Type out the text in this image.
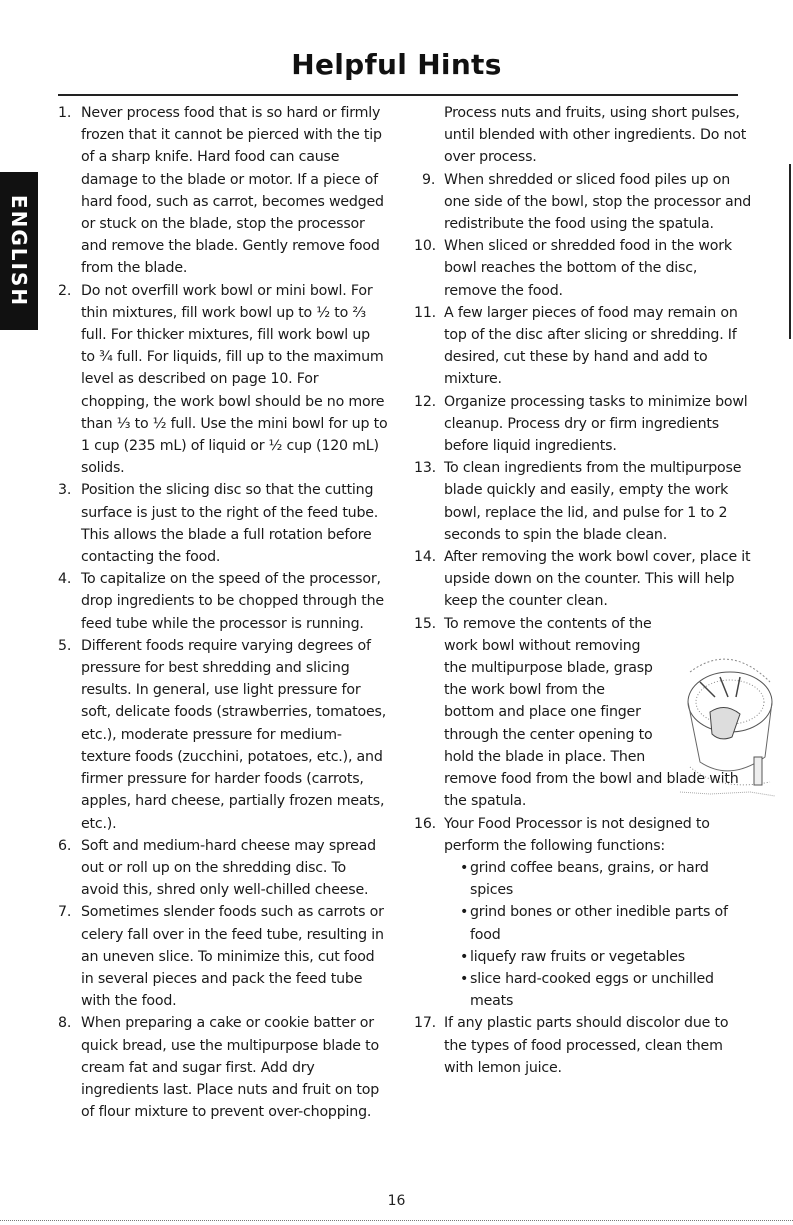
Helpful Hints
ENGLISH
1. Never process food that is so hard or firmly frozen that it cannot be pierced with the tip of a sharp knife. Hard food can cause damage to the blade or motor. If a piece of hard food, such as carrot, becomes wedged or stuck on the blade, stop the processor and remove the blade. Gently remove food from the blade.

2. Do not overfill work bowl or mini bowl. For thin mixtures, fill work bowl up to ½ to ⅔ full. For thicker mixtures, fill work bowl up to ¾ full. For liquids, fill up to the maximum level as described on page 10. For chopping, the work bowl should be no more than ⅓ to ½ full. Use the mini bowl for up to 1 cup (235 mL) of liquid or ½ cup (120 mL) solids.

3. Position the slicing disc so that the cutting surface is just to the right of the feed tube. This allows the blade a full rotation before contacting the food.

4. To capitalize on the speed of the processor, drop ingredients to be chopped through the feed tube while the processor is running.

5. Different foods require varying degrees of pressure for best shredding and slicing results. In general, use light pressure for soft, delicate foods (strawberries, tomatoes, etc.), moderate pressure for medium-texture foods (zucchini, potatoes, etc.), and firmer pressure for harder foods (carrots, apples, hard cheese, partially frozen meats, etc.).

6. Soft and medium-hard cheese may spread out or roll up on the shredding disc. To avoid this, shred only well-chilled cheese.

7. Sometimes slender foods such as carrots or celery fall over in the feed tube, resulting in an uneven slice. To minimize this, cut food in several pieces and pack the feed tube with the food.

8. When preparing a cake or cookie batter or quick bread, use the multipurpose blade to cream fat and sugar first. Add dry ingredients last. Place nuts and fruit on top of flour mixture to prevent over-chopping.

Process nuts and fruits, using short pulses, until blended with other ingredients. Do not over process.

9. When shredded or sliced food piles up on one side of the bowl, stop the processor and redistribute the food using the spatula.

10. When sliced or shredded food in the work bowl reaches the bottom of the disc, remove the food.

11. A few larger pieces of food may remain on top of the disc after slicing or shredding. If desired, cut these by hand and add to mixture.

12. Organize processing tasks to minimize bowl cleanup. Process dry or firm ingredients before liquid ingredients.

13. To clean ingredients from the multipurpose blade quickly and easily, empty the work bowl, replace the lid, and pulse for 1 to 2 seconds to spin the blade clean.

14. After removing the work bowl cover, place it upside down on the counter. This will help keep the counter clean.

15. To remove the contents of the work bowl without removing the multipurpose blade, grasp the work bowl from the bottom and place one finger through the center opening to hold the blade in place. Then remove food from the bowl and blade with the spatula.

16. Your Food Processor is not designed to perform the following functions:

• grind coffee beans, grains, or hard spices
• grind bones or other inedible parts of food
• liquefy raw fruits or vegetables
• slice hard-cooked eggs or unchilled meats
17. If any plastic parts should discolor due to the types of food processed, clean them with lemon juice.

16
